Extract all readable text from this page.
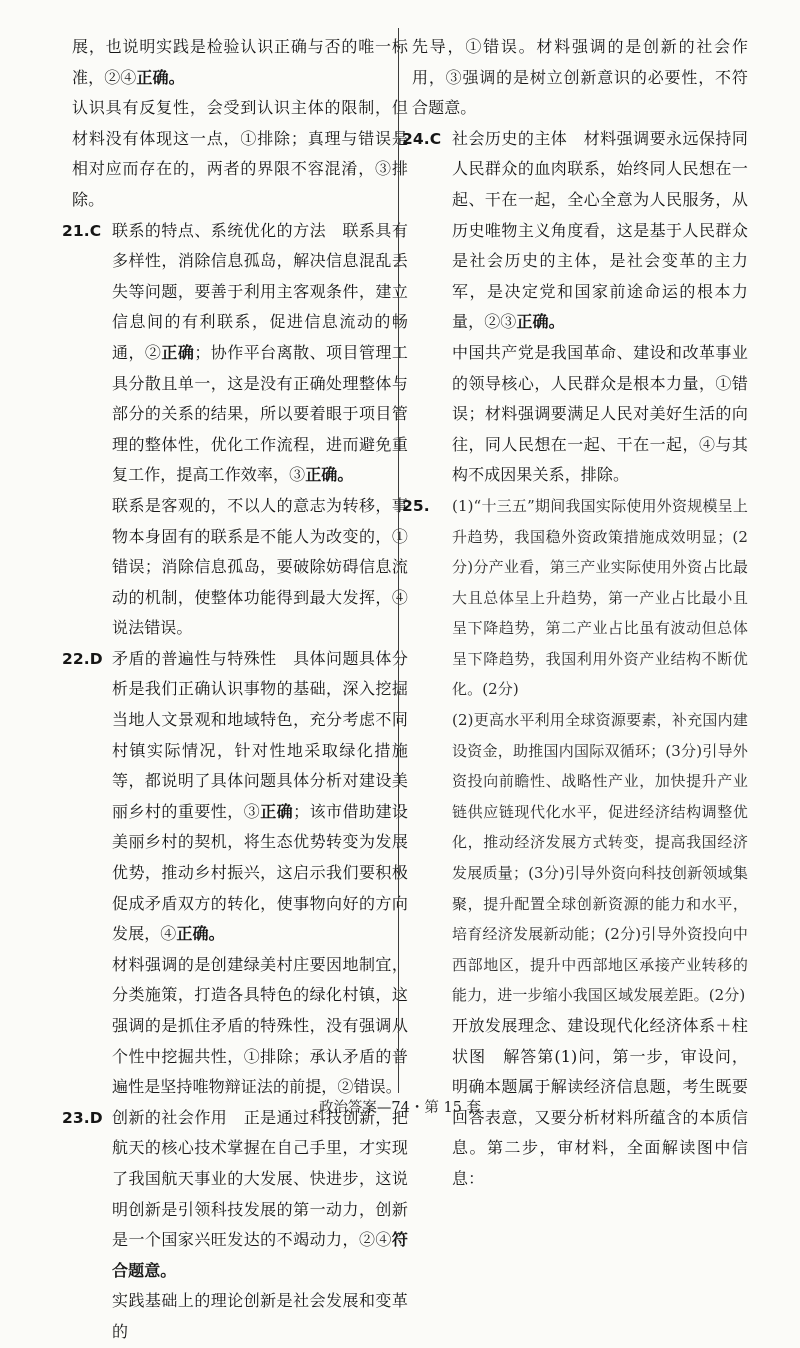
展，也说明实践是检验认识正确与否的唯一标准，②④正确。

认识具有反复性，会受到认识主体的限制，但材料没有体现这一点，①排除；真理与错误是相对应而存在的，两者的界限不容混淆，③排除。

21.C 联系的特点、系统优化的方法　联系具有多样性，消除信息孤岛，解决信息混乱丢失等问题，要善于利用主客观条件，建立信息间的有利联系，促进信息流动的畅通，②正确；协作平台离散、项目管理工具分散且单一，这是没有正确处理整体与部分的关系的结果，所以要着眼于项目管理的整体性，优化工作流程，进而避免重复工作，提高工作效率，③正确。

联系是客观的，不以人的意志为转移，事物本身固有的联系是不能人为改变的，①错误；消除信息孤岛，要破除妨碍信息流动的机制，使整体功能得到最大发挥，④说法错误。

22.D 矛盾的普遍性与特殊性　具体问题具体分析是我们正确认识事物的基础，深入挖掘当地人文景观和地域特色，充分考虑不同村镇实际情况，针对性地采取绿化措施等，都说明了具体问题具体分析对建设美丽乡村的重要性，③正确；该市借助建设美丽乡村的契机，将生态优势转变为发展优势，推动乡村振兴，这启示我们要积极促成矛盾双方的转化，使事物向好的方向发展，④正确。

材料强调的是创建绿美村庄要因地制宜，分类施策，打造各具特色的绿化村镇，这强调的是抓住矛盾的特殊性，没有强调从个性中挖掘共性，①排除；承认矛盾的普遍性是坚持唯物辩证法的前提，②错误。

23.D 创新的社会作用　正是通过科技创新，把航天的核心技术掌握在自己手里，才实现了我国航天事业的大发展、快进步，这说明创新是引领科技发展的第一动力，创新是一个国家兴旺发达的不竭动力，②④符合题意。

实践基础上的理论创新是社会发展和变革的

先导，①错误。材料强调的是创新的社会作用，③强调的是树立创新意识的必要性，不符合题意。

24.C 社会历史的主体　材料强调要永远保持同人民群众的血肉联系，始终同人民想在一起、干在一起，全心全意为人民服务，从历史唯物主义角度看，这是基于人民群众是社会历史的主体，是社会变革的主力军，是决定党和国家前途命运的根本力量，②③正确。

中国共产党是我国革命、建设和改革事业的领导核心，人民群众是根本力量，①错误；材料强调要满足人民对美好生活的向往，同人民想在一起、干在一起，④与其构不成因果关系，排除。

25. (1)“十三五”期间我国实际使用外资规模呈上升趋势，我国稳外资政策措施成效明显；(2分)分产业看，第三产业实际使用外资占比最大且总体呈上升趋势，第一产业占比最小且呈下降趋势，第二产业占比虽有波动但总体呈下降趋势，我国利用外资产业结构不断优化。(2分)

(2)更高水平利用全球资源要素，补充国内建设资金，助推国内国际双循环；(3分)引导外资投向前瞻性、战略性产业，加快提升产业链供应链现代化水平，促进经济结构调整优化，推动经济发展方式转变，提高我国经济发展质量；(3分)引导外资向科技创新领域集聚，提升配置全球创新资源的能力和水平，培育经济发展新动能；(2分)引导外资投向中西部地区，提升中西部地区承接产业转移的能力，进一步缩小我国区域发展差距。(2分)

开放发展理念、建设现代化经济体系＋柱状图　解答第(1)问，第一步，审设问，明确本题属于解读经济信息题，考生既要回答表意，又要分析材料所蕴含的本质信息。第二步，审材料，全面解读图中信息：

政治答案—74・第 15 套
